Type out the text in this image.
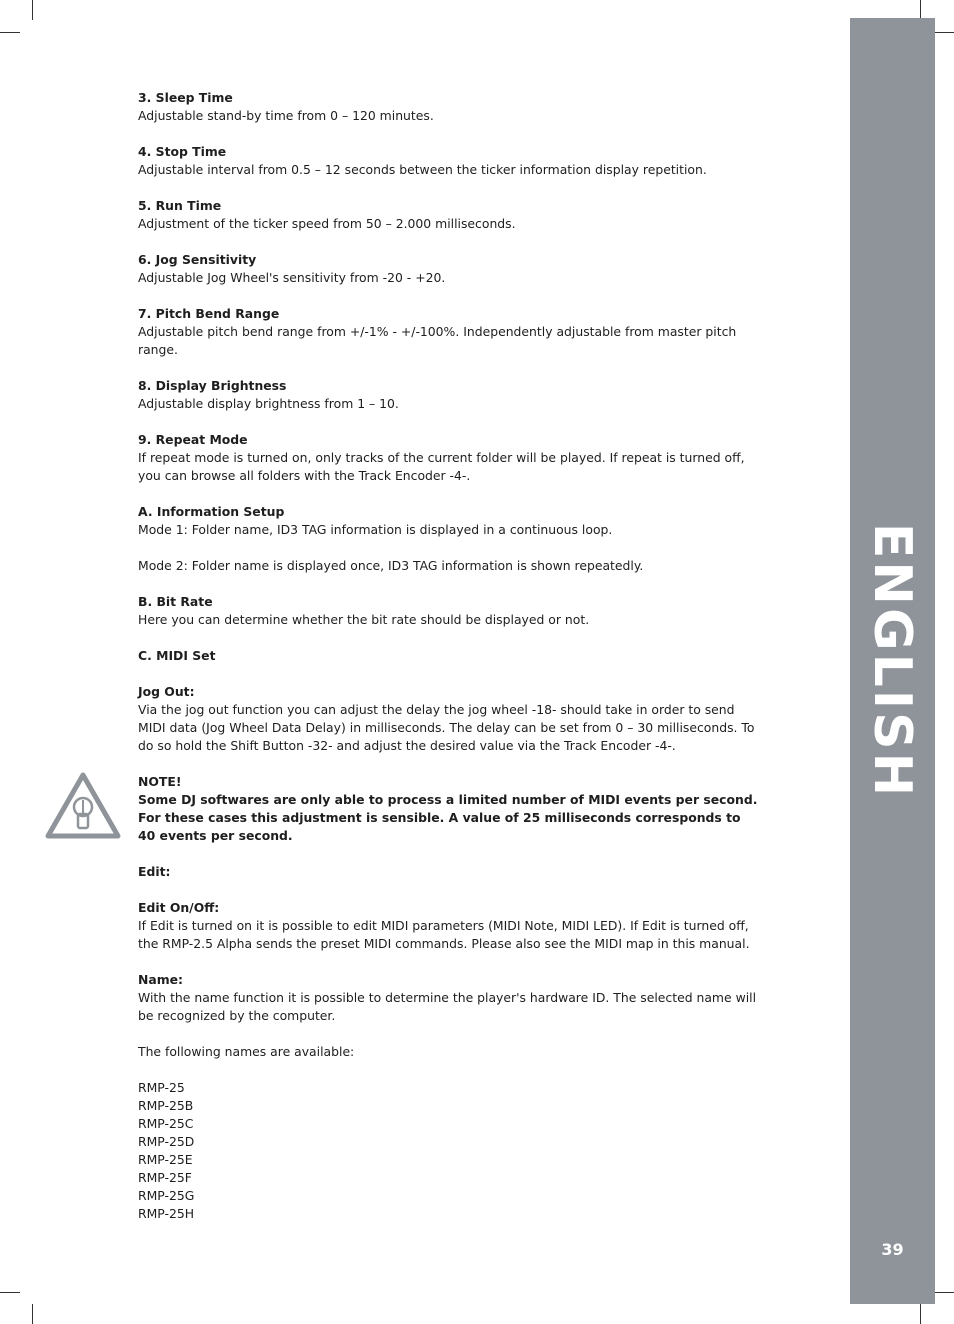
ENGLISH
39
3. Sleep Time
Adjustable stand-by time from 0 – 120 minutes.
4. Stop Time
Adjustable interval from 0.5 – 12 seconds between the ticker information display repetition.
5. Run Time
Adjustment of the ticker speed from 50 – 2.000 milliseconds.
6. Jog Sensitivity
Adjustable Jog Wheel's sensitivity from -20 - +20.
7. Pitch Bend Range
Adjustable pitch bend range from +/-1% - +/-100%. Independently adjustable from master pitch range.
8. Display Brightness
Adjustable display brightness from 1 – 10.
9. Repeat Mode
If repeat mode is turned on, only tracks of the current folder will be played. If repeat is turned off, you can browse all folders with the Track Encoder -4-.
A. Information Setup
Mode 1: Folder name, ID3 TAG information is displayed in a continuous loop.
Mode 2: Folder name is displayed once, ID3 TAG information is shown repeatedly.
B. Bit Rate
Here you can determine whether the bit rate should be displayed or not.
C. MIDI Set
Jog Out:
Via the jog out function you can adjust the delay the jog wheel -18- should take in order to send MIDI data (Jog Wheel Data Delay) in milliseconds. The delay can be set from 0 – 30 milliseconds. To do so hold the Shift Button -32- and adjust the desired value via the Track Encoder -4-.
NOTE!
Some DJ softwares are only able to process a limited number of MIDI events per second. For these cases this adjustment is sensible. A value of 25 milliseconds corresponds to 40 events per second.
Edit:
Edit On/Off:
If Edit is turned on it is possible to edit MIDI parameters (MIDI Note, MIDI LED). If Edit is turned off, the RMP-2.5 Alpha sends the preset MIDI commands. Please also see the MIDI map in this manual.
Name:
With the name function it is possible to determine the player's hardware ID. The selected name will be recognized by the computer.
The following names are available:
RMP-25
RMP-25B
RMP-25C
RMP-25D
RMP-25E
RMP-25F
RMP-25G
RMP-25H
